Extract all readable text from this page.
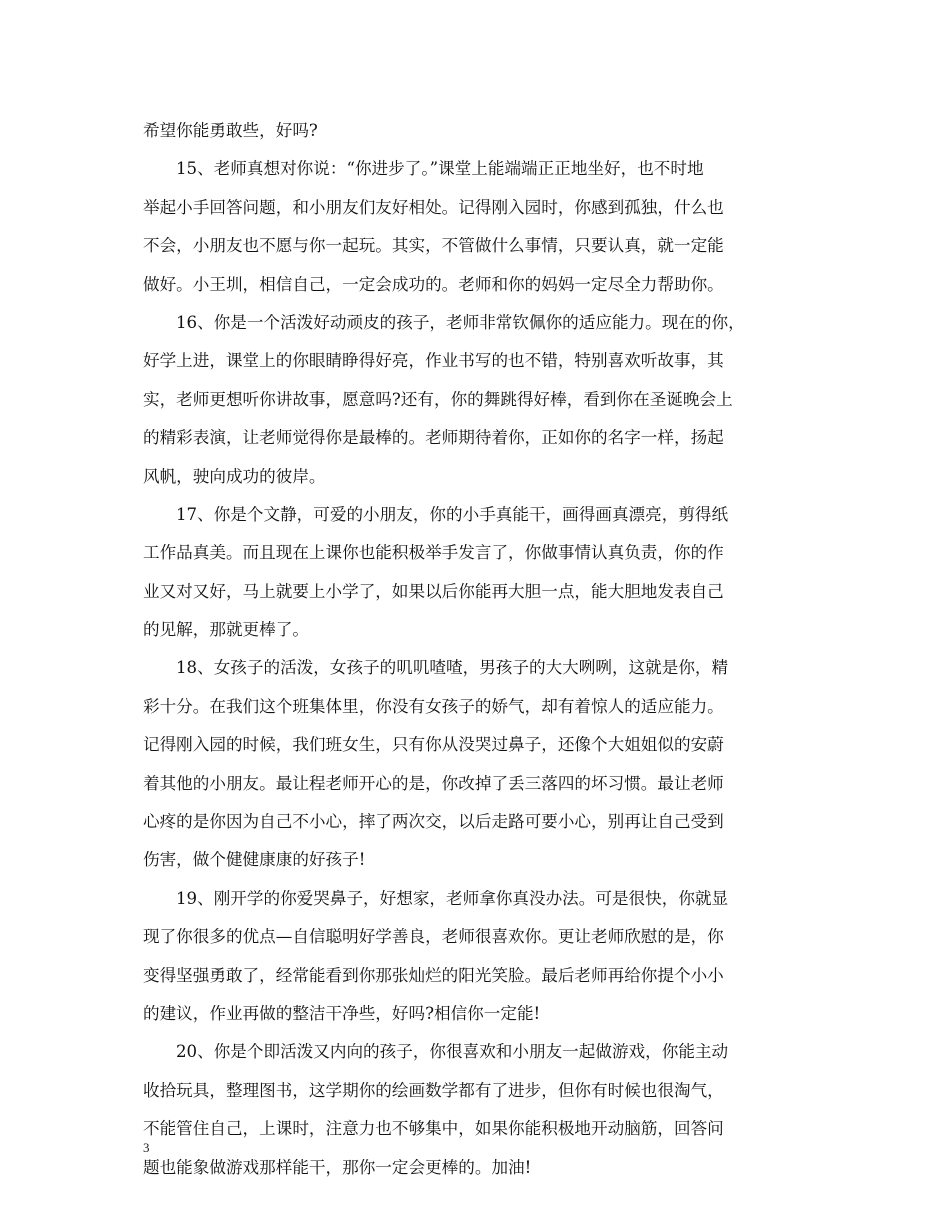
希望你能勇敢些，好吗?
15、老师真想对你说：“你进步了。”课堂上能端端正正地坐好，也不时地
举起小手回答问题，和小朋友们友好相处。记得刚入园时，你感到孤独，什么也
不会，小朋友也不愿与你一起玩。其实，不管做什么事情，只要认真，就一定能
做好。小王圳，相信自己，一定会成功的。老师和你的妈妈一定尽全力帮助你。
16、你是一个活泼好动顽皮的孩子，老师非常钦佩你的适应能力。现在的你，
好学上进，课堂上的你眼睛睁得好亮，作业书写的也不错，特别喜欢听故事，其
实，老师更想听你讲故事，愿意吗?还有，你的舞跳得好棒，看到你在圣诞晚会上
的精彩表演，让老师觉得你是最棒的。老师期待着你，正如你的名字一样，扬起
风帆，驶向成功的彼岸。
17、你是个文静，可爱的小朋友，你的小手真能干，画得画真漂亮，剪得纸
工作品真美。而且现在上课你也能积极举手发言了，你做事情认真负责，你的作
业又对又好，马上就要上小学了，如果以后你能再大胆一点，能大胆地发表自己
的见解，那就更棒了。
18、女孩子的活泼，女孩子的叽叽喳喳，男孩子的大大咧咧，这就是你，精
彩十分。在我们这个班集体里，你没有女孩子的娇气，却有着惊人的适应能力。
记得刚入园的时候，我们班女生，只有你从没哭过鼻子，还像个大姐姐似的安蔚
着其他的小朋友。最让程老师开心的是，你改掉了丢三落四的坏习惯。最让老师
心疼的是你因为自己不小心，摔了两次交，以后走路可要小心，别再让自己受到
伤害，做个健健康康的好孩子!
19、刚开学的你爱哭鼻子，好想家，老师拿你真没办法。可是很快，你就显
现了你很多的优点—自信聪明好学善良，老师很喜欢你。更让老师欣慰的是，你
变得坚强勇敢了，经常能看到你那张灿烂的阳光笑脸。最后老师再给你提个小小
的建议，作业再做的整洁干净些，好吗?相信你一定能!
20、你是个即活泼又内向的孩子，你很喜欢和小朋友一起做游戏，你能主动
收拾玩具，整理图书，这学期你的绘画数学都有了进步，但你有时候也很淘气，
不能管住自己，上课时，注意力也不够集中，如果你能积极地开动脑筋，回答问
题也能象做游戏那样能干，那你一定会更棒的。加油!
3
